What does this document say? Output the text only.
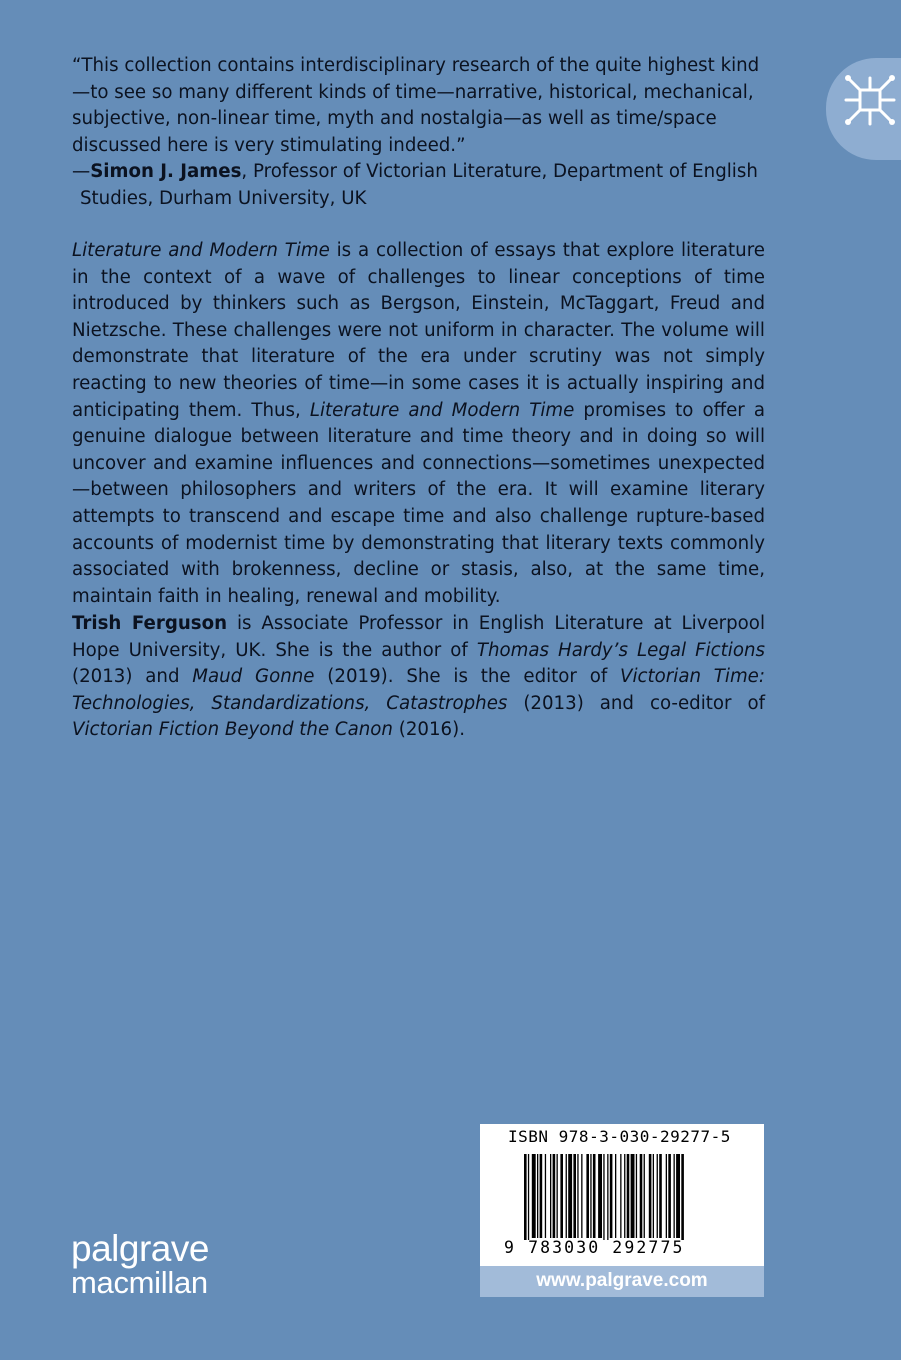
“This collection contains interdisciplinary research of the quite highest kind—to see so many different kinds of time—narrative, historical, mechanical, subjective, non-linear time, myth and nostalgia—as well as time/space discussed here is very stimulating indeed.”

—Simon J. James, Professor of Victorian Literature, Department of English
Studies, Durham University, UK

Literature and Modern Time is a collection of essays that explore literature in the context of a wave of challenges to linear conceptions of time introduced by thinkers such as Bergson, Einstein, McTaggart, Freud and Nietzsche. These challenges were not uniform in character. The volume will demonstrate that literature of the era under scrutiny was not simply reacting to new theories of time—in some cases it is actually inspiring and anticipating them. Thus, Literature and Modern Time promises to offer a genuine dialogue between literature and time theory and in doing so will uncover and examine influences and connections—sometimes unexpected—between philosophers and writers of the era. It will examine literary attempts to transcend and escape time and also challenge rupture-based accounts of modernist time by demonstrating that literary texts commonly associated with brokenness, decline or stasis, also, at the same time, maintain faith in healing, renewal and mobility.

Trish Ferguson is Associate Professor in English Literature at Liverpool Hope University, UK. She is the author of Thomas Hardy’s Legal Fictions (2013) and Maud Gonne (2019). She is the editor of Victorian Time: Technologies, Standardizations, Catastrophes (2013) and co-editor of Victorian Fiction Beyond the Canon (2016).

palgrave
macmillan
ISBN 978-3-030-29277-5
9 783030 292775
www.palgrave.com
